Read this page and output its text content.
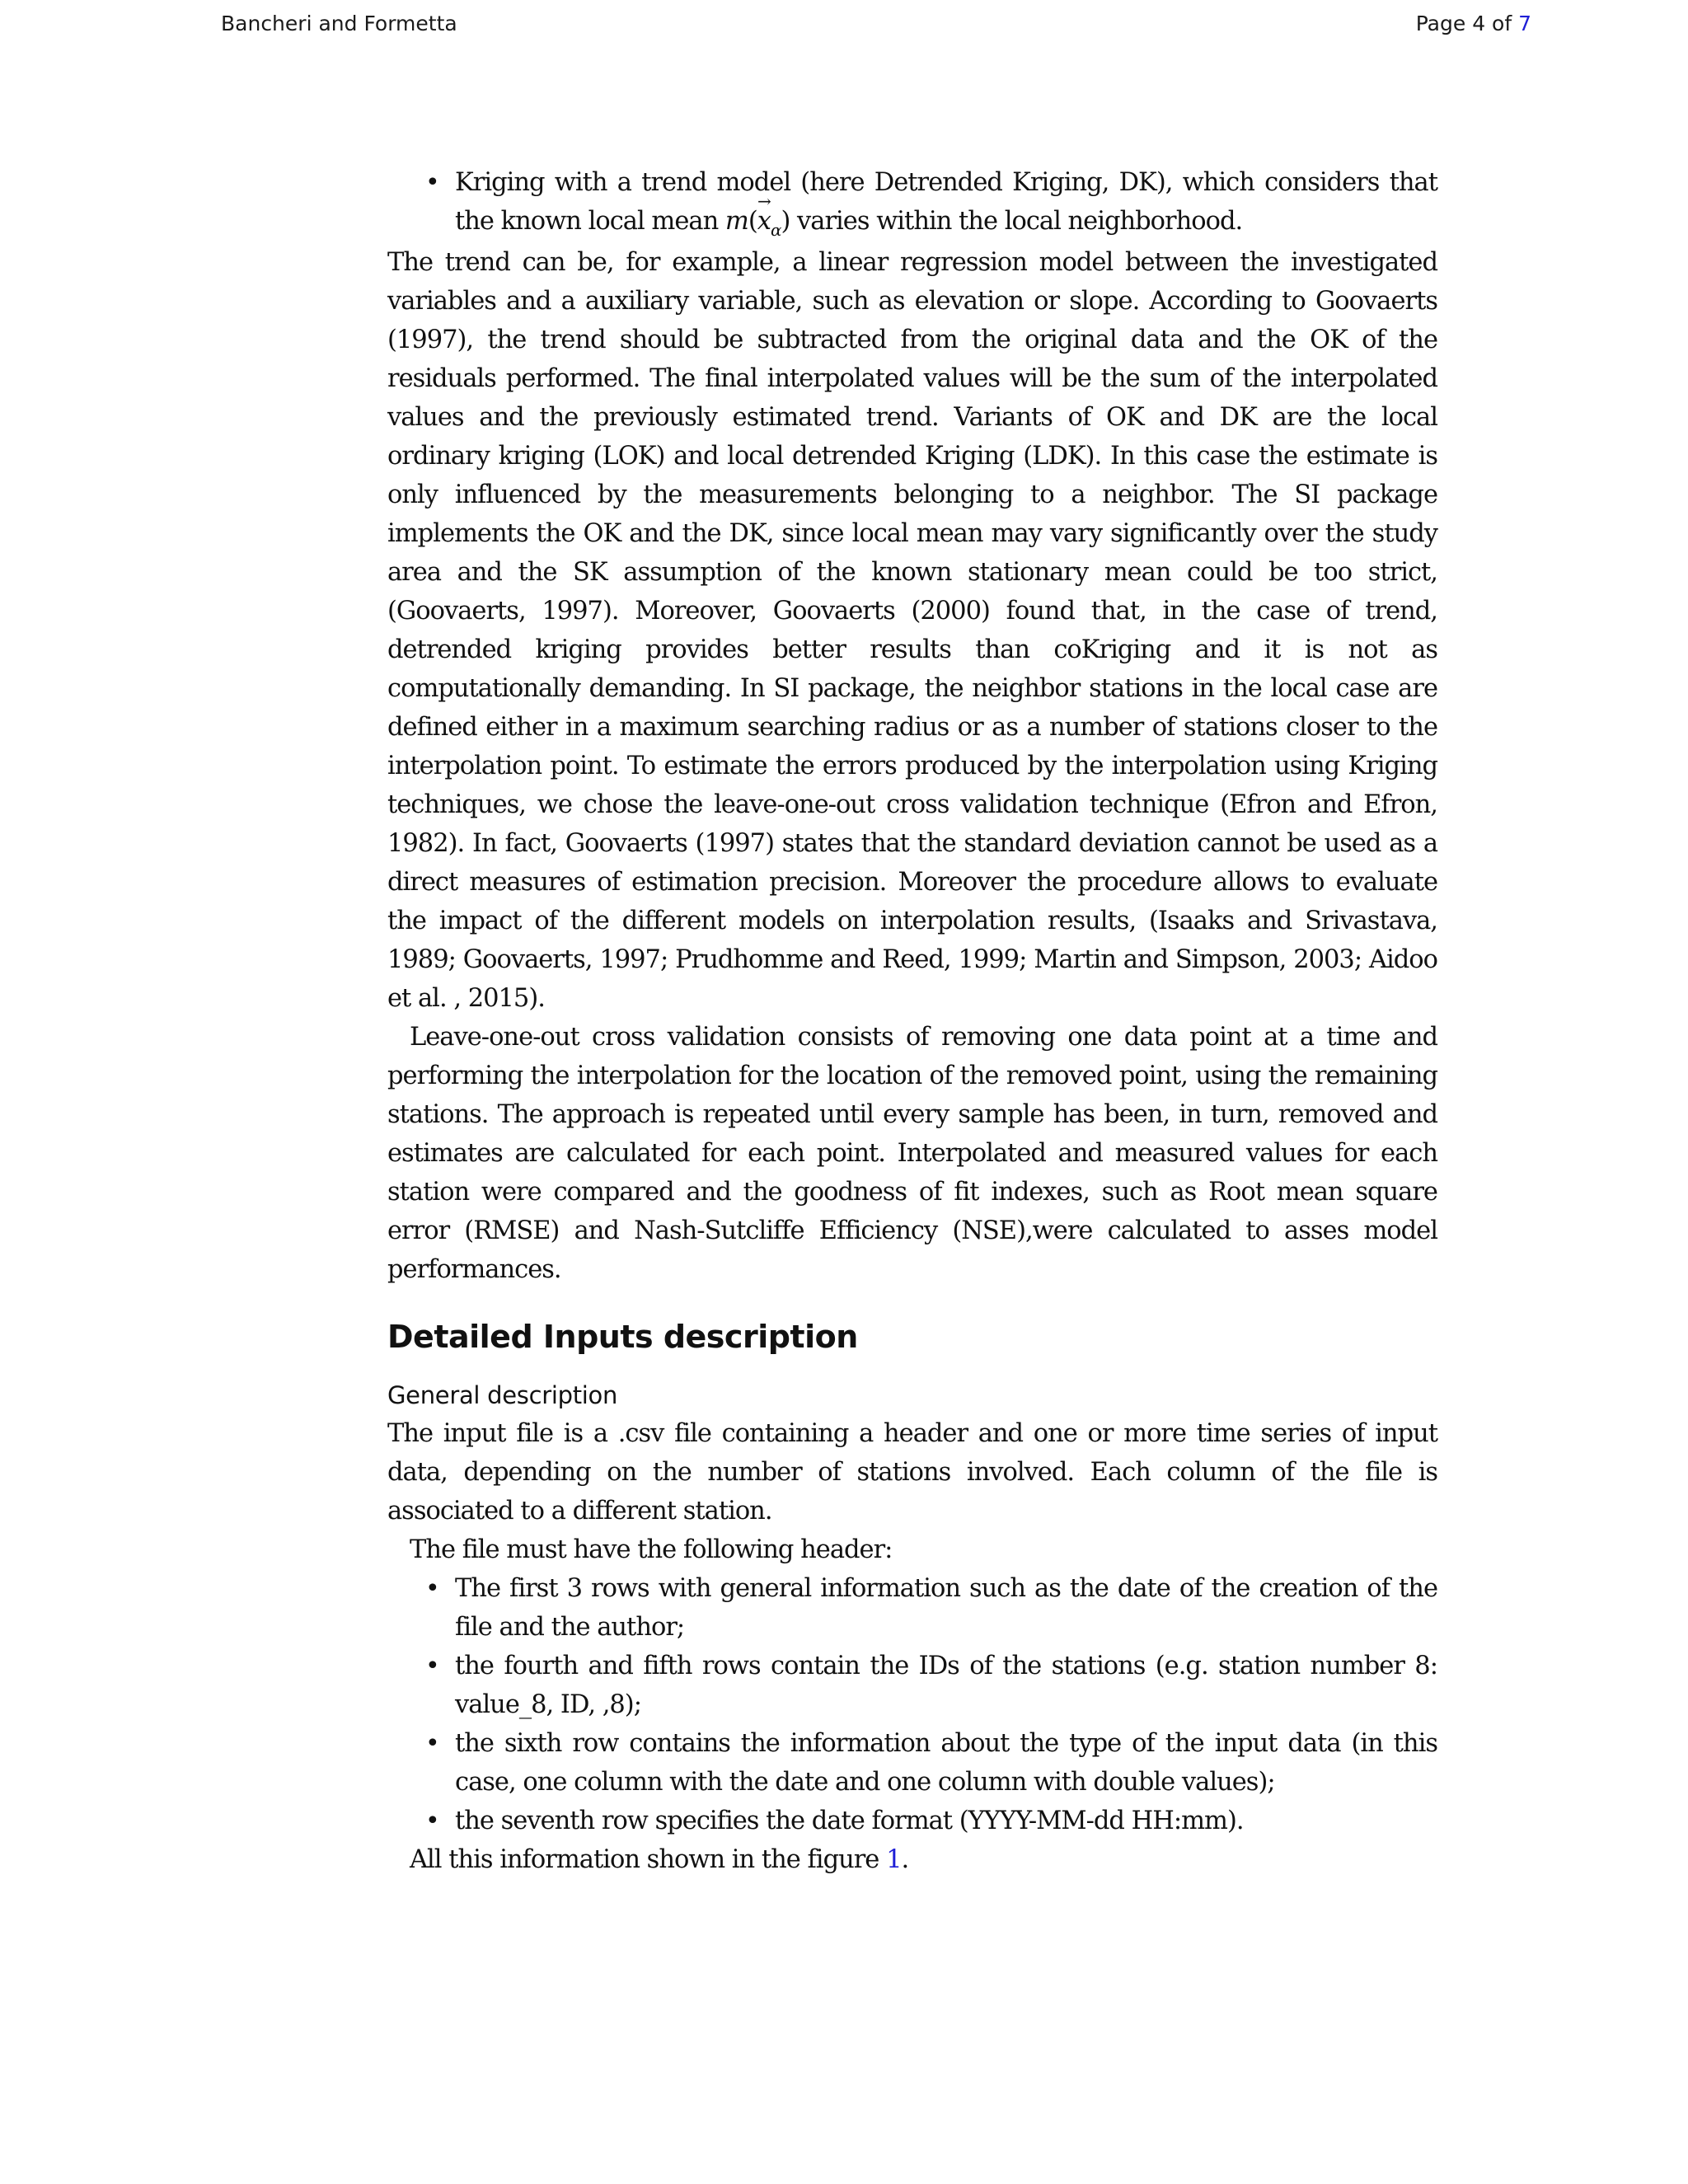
Bancheri and Formetta	Page 4 of 7
• Kriging with a trend model (here Detrended Kriging, DK), which considers that the known local mean $m(x \to_\alpha)$ varies within the local neighborhood.

The trend can be, for example, a linear regression model between the investigated variables and a auxiliary variable, such as elevation or slope. According to Goovaerts (1997), the trend should be subtracted from the original data and the OK of the residuals performed. The final interpolated values will be the sum of the interpolated values and the previously estimated trend. Variants of OK and DK are the local ordinary kriging (LOK) and local detrended Kriging (LDK). In this case the estimate is only influenced by the measurements belonging to a neighbor. The SI package implements the OK and the DK, since local mean may vary significantly over the study area and the SK assumption of the known stationary mean could be too strict, (Goovaerts, 1997). Moreover, Goovaerts (2000) found that, in the case of trend, detrended kriging provides better results than coKriging and it is not as computationally demanding. In SI package, the neighbor stations in the local case are defined either in a maximum searching radius or as a number of stations closer to the interpolation point. To estimate the errors produced by the interpolation using Kriging techniques, we chose the leave-one-out cross validation technique (Efron and Efron, 1982). In fact, Goovaerts (1997) states that the standard deviation cannot be used as a direct measures of estimation precision. Moreover the procedure allows to evaluate the impact of the different models on interpolation results, (Isaaks and Srivastava, 1989; Goovaerts, 1997; Prudhomme and Reed, 1999; Martin and Simpson, 2003; Aidoo et al. , 2015).

Leave-one-out cross validation consists of removing one data point at a time and performing the interpolation for the location of the removed point, using the remaining stations. The approach is repeated until every sample has been, in turn, removed and estimates are calculated for each point. Interpolated and measured values for each station were compared and the goodness of fit indexes, such as Root mean square error (RMSE) and Nash-Sutcliffe Efficiency (NSE),were calculated to asses model performances.

Detailed Inputs description
General description

The input file is a .csv file containing a header and one or more time series of input data, depending on the number of stations involved. Each column of the file is associated to a different station.

The file must have the following header:

• The first 3 rows with general information such as the date of the creation of the file and the author;
• the fourth and fifth rows contain the IDs of the stations (e.g. station number 8: value_8, ID, ,8);
• the sixth row contains the information about the type of the input data (in this case, one column with the date and one column with double values);
• the seventh row specifies the date format (YYYY-MM-dd HH:mm).

All this information shown in the figure 1.
